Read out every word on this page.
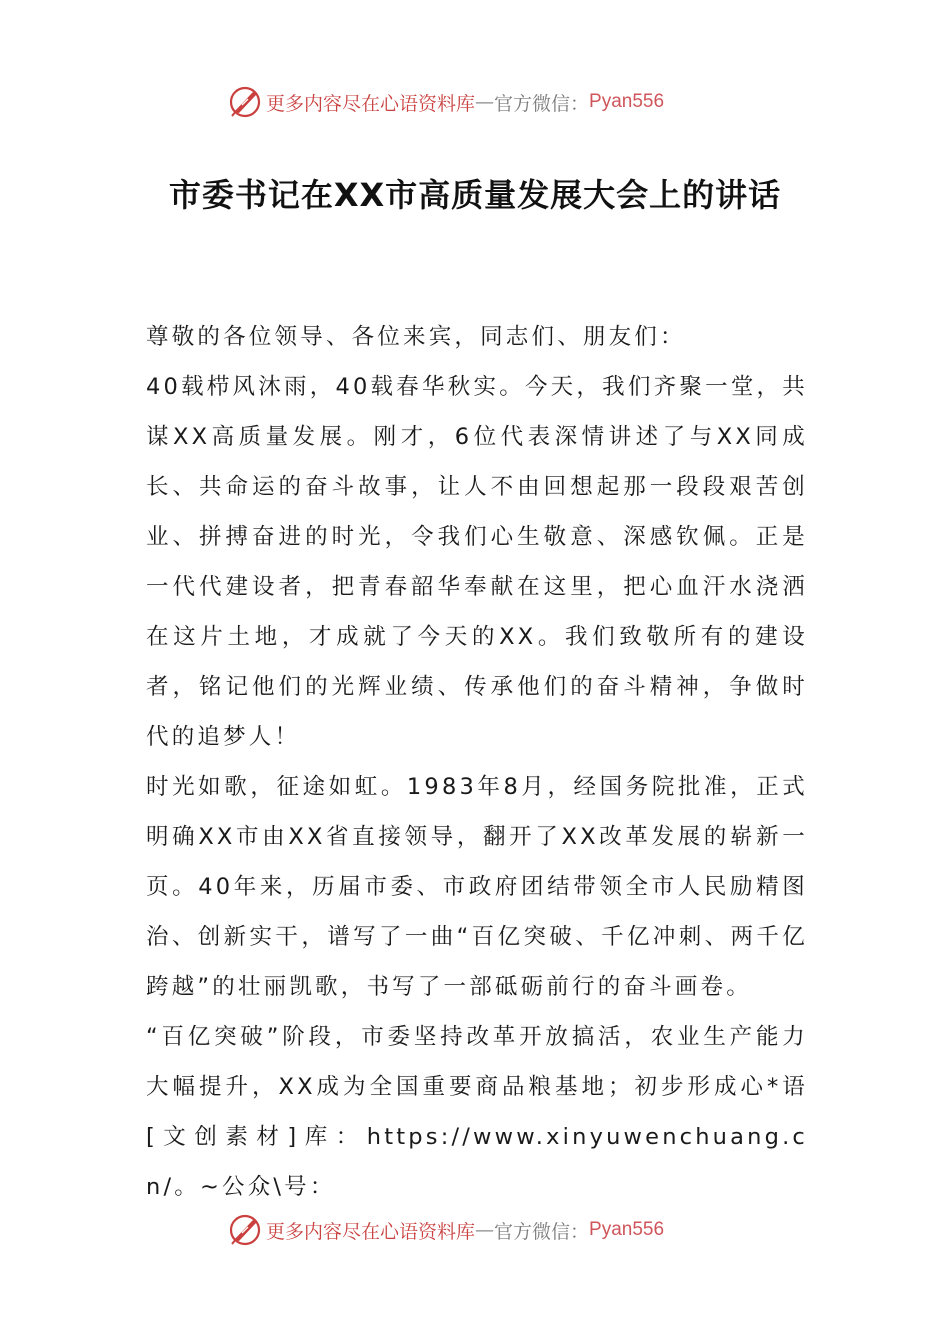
更多内容尽在心语资料库 — 官方微信： Pyan556
市委书记在XX市高质量发展大会上的讲话

尊敬的各位领导、各位来宾，同志们、朋友们：

40载栉风沐雨，40载春华秋实。今天，我们齐聚一堂，共谋XX高质量发展。刚才，6位代表深情讲述了与XX同成长、共命运的奋斗故事，让人不由回想起那一段段艰苦创业、拼搏奋进的时光，令我们心生敬意、深感钦佩。正是一代代建设者，把青春韶华奉献在这里，把心血汗水浇洒在这片土地，才成就了今天的XX。我们致敬所有的建设者，铭记他们的光辉业绩、传承他们的奋斗精神，争做时代的追梦人！

时光如歌，征途如虹。1983年8月，经国务院批准，正式明确XX市由XX省直接领导，翻开了XX改革发展的崭新一页。40年来，历届市委、市政府团结带领全市人民励精图治、创新实干，谱写了一曲“百亿突破、千亿冲刺、两千亿跨越”的壮丽凯歌，书写了一部砥砺前行的奋斗画卷。

“百亿突破”阶段，市委坚持改革开放搞活，农业生产能力大幅提升，XX成为全国重要商品粮基地；初步形成心*语[文创素材]库：https://www.xinyuwenchuang.cn/。~公众\号：

更多内容尽在心语资料库 — 官方微信： Pyan556
